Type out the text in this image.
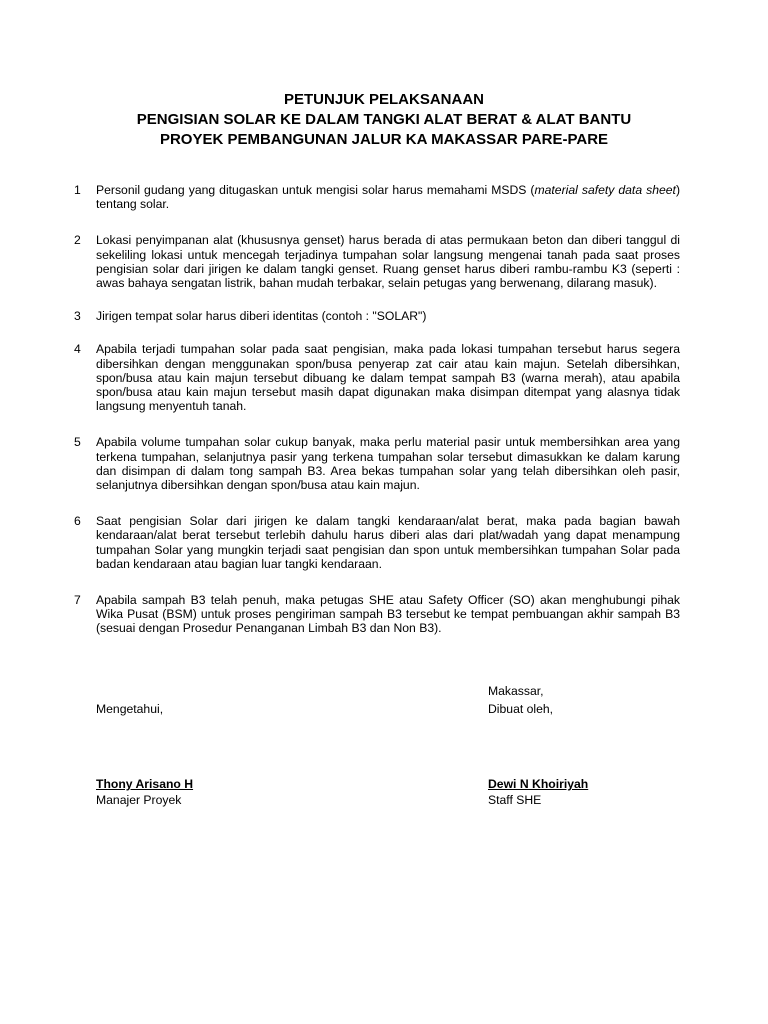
PETUNJUK PELAKSANAAN
PENGISIAN SOLAR KE DALAM TANGKI ALAT BERAT & ALAT BANTU
PROYEK PEMBANGUNAN JALUR KA MAKASSAR PARE-PARE
1 Personil gudang yang ditugaskan untuk mengisi solar harus memahami MSDS (material safety data sheet) tentang solar.
2 Lokasi penyimpanan alat (khususnya genset) harus berada di atas permukaan beton dan diberi tanggul di sekeliling lokasi untuk mencegah terjadinya tumpahan solar langsung mengenai tanah pada saat proses pengisian solar dari jirigen ke dalam tangki genset. Ruang genset harus diberi rambu-rambu K3 (seperti : awas bahaya sengatan listrik, bahan mudah terbakar, selain petugas yang berwenang, dilarang masuk).
3 Jirigen tempat solar harus diberi identitas (contoh : "SOLAR")
4 Apabila terjadi tumpahan solar pada saat pengisian, maka pada lokasi tumpahan tersebut harus segera dibersihkan dengan menggunakan spon/busa penyerap zat cair atau kain majun. Setelah dibersihkan, spon/busa atau kain majun tersebut dibuang ke dalam tempat sampah B3 (warna merah), atau apabila spon/busa atau kain majun tersebut masih dapat digunakan maka disimpan ditempat yang alasnya tidak langsung menyentuh tanah.
5 Apabila volume tumpahan solar cukup banyak, maka perlu material pasir untuk membersihkan area yang terkena tumpahan, selanjutnya pasir yang terkena tumpahan solar tersebut dimasukkan ke dalam karung dan disimpan di dalam tong sampah B3. Area bekas tumpahan solar yang telah dibersihkan oleh pasir, selanjutnya dibersihkan dengan spon/busa atau kain majun.
6 Saat pengisian Solar dari jirigen ke dalam tangki kendaraan/alat berat, maka pada bagian bawah kendaraan/alat berat tersebut terlebih dahulu harus diberi alas dari plat/wadah yang dapat menampung tumpahan Solar yang mungkin terjadi saat pengisian dan spon untuk membersihkan tumpahan Solar pada badan kendaraan atau bagian luar tangki kendaraan.
7 Apabila sampah B3 telah penuh, maka petugas SHE atau Safety Officer (SO) akan menghubungi pihak Wika Pusat (BSM) untuk proses pengiriman sampah B3 tersebut ke tempat pembuangan akhir sampah B3 (sesuai dengan Prosedur Penanganan Limbah B3 dan Non B3).
Makassar,
Mengetahui,	Dibuat oleh,
Thony Arisano H
Manajer Proyek
Dewi N Khoiriyah
Staff SHE
